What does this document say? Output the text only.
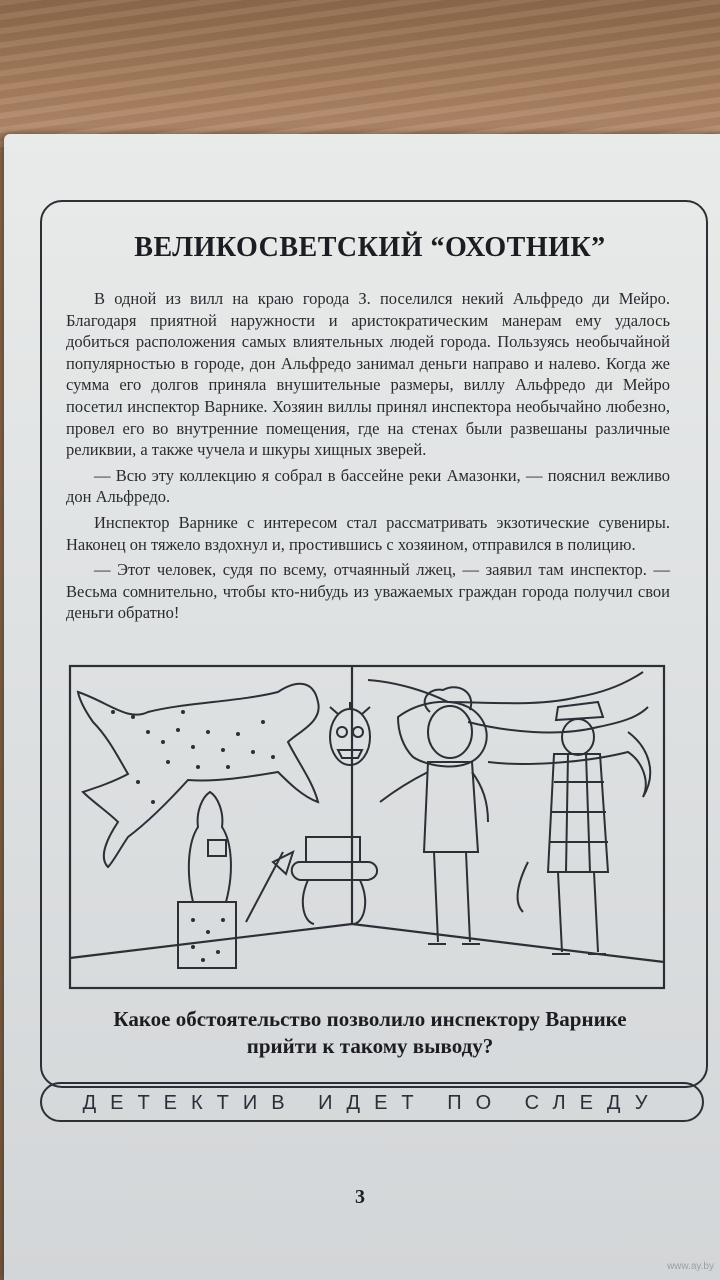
ВЕЛИКОСВЕТСКИЙ “ОХОТНИК”

В одной из вилл на краю города З. поселился некий Альфредо ди Мейро. Благодаря приятной наружности и аристократическим манерам ему удалось добиться расположения самых влиятельных людей города. Пользуясь необычайной популярностью в городе, дон Альфредо занимал деньги направо и налево. Когда же сумма его долгов приняла внушительные размеры, виллу Альфредо ди Мейро посетил инспектор Варнике. Хозяин виллы принял инспектора необычайно любезно, провел его во внутренние помещения, где на стенах были развешаны различные реликвии, а также чучела и шкуры хищных зверей.

— Всю эту коллекцию я собрал в бассейне реки Амазонки, — пояснил вежливо дон Альфредо.

Инспектор Варнике с интересом стал рассматривать экзотические сувениры. Наконец он тяжело вздохнул и, простившись с хозяином, отправился в полицию.

— Этот человек, судя по всему, отчаянный лжец, — заявил там инспектор. — Весьма сомнительно, чтобы кто-нибудь из уважаемых граждан города получил свои деньги обратно!

Какое обстоятельство позволило инспектору Варнике
прийти к такому выводу?
ДЕТЕКТИВ ИДЕТ ПО СЛЕДУ
3
www.ay.by
